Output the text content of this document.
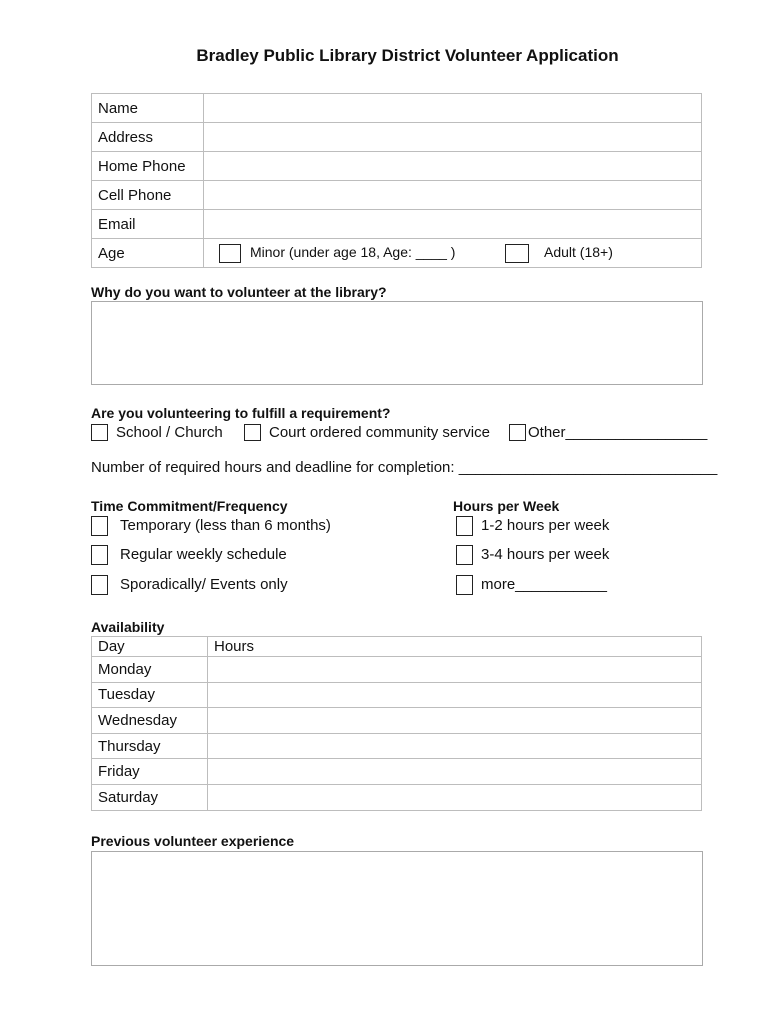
Bradley Public Library District Volunteer Application
Name	
Address	
Home Phone	
Cell Phone	
Email	
Age		Minor (under age 18, Age: ____ )	Adult (18+)
Why do you want to volunteer at the library?
Are you volunteering to fulfill a requirement?
School / Church	Court ordered community service	Other_________________
Number of required hours and deadline for completion: _______________________________
Time Commitment/Frequency
Temporary (less than 6 months)
Regular weekly schedule
Sporadically/ Events only
Hours per Week
1-2 hours per week
3-4 hours per week
more___________
Availability
Day	Hours
Monday	
Tuesday	
Wednesday	
Thursday	
Friday	
Saturday	
Previous volunteer experience
